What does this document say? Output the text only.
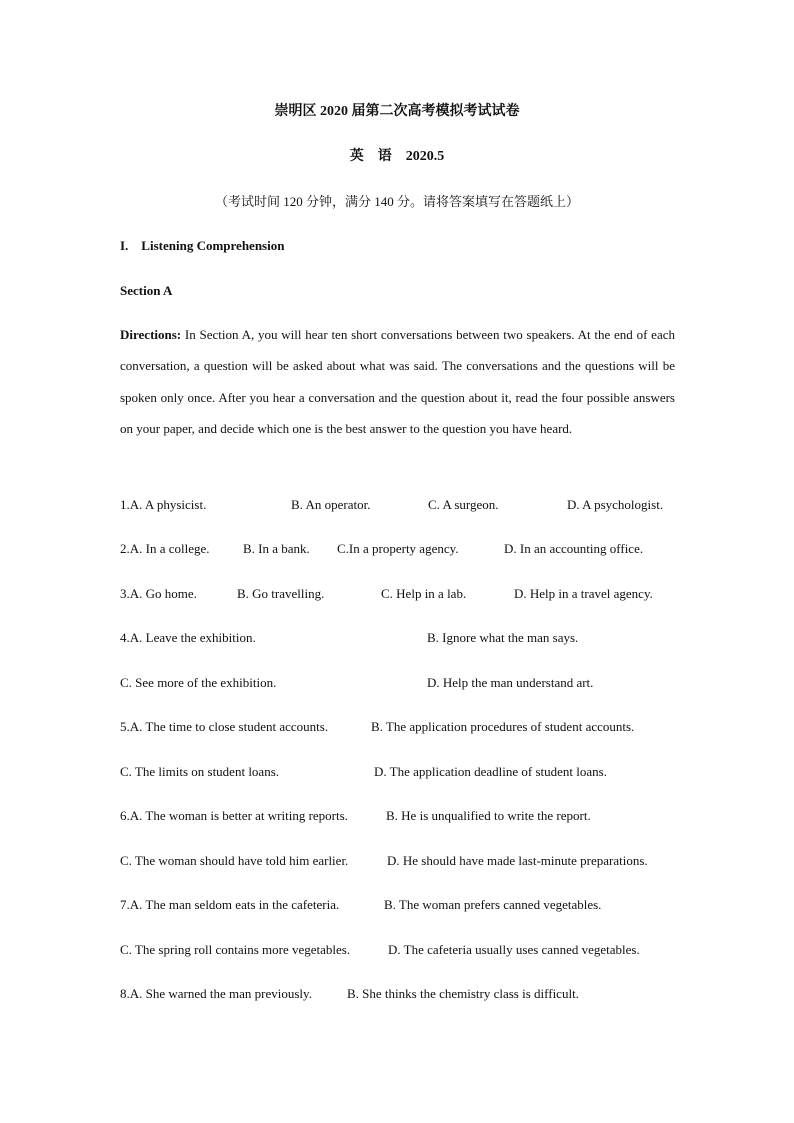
崇明区 2020 届第二次高考模拟考试试卷
英　语　2020.5
（考试时间 120 分钟，满分 140 分。请将答案填写在答题纸上）
I.　Listening Comprehension
Section A
Directions: In Section A, you will hear ten short conversations between two speakers. At the end of each conversation, a question will be asked about what was said. The conversations and the questions will be spoken only once. After you hear a conversation and the question about it, read the four possible answers on your paper, and decide which one is the best answer to the question you have heard.
1.A. A physicist.	B. An operator.	C. A surgeon.	D. A psychologist.
2.A. In a college.	B. In a bank. C.In a property agency.	D. In an accounting office.
3.A. Go home.	B. Go travelling.	C. Help in a lab.	D. Help in a travel agency.
4.A. Leave the exhibition.	B. Ignore what the man says.
C. See more of the exhibition.	D. Help the man understand art.
5.A. The time to close student accounts.	B. The application procedures of student accounts.
C. The limits on student loans.	D. The application deadline of student loans.
6.A. The woman is better at writing reports.	B. He is unqualified to write the report.
C. The woman should have told him earlier.	D. He should have made last-minute preparations.
7.A. The man seldom eats in the cafeteria.	B. The woman prefers canned vegetables.
C. The spring roll contains more vegetables.	D. The cafeteria usually uses canned vegetables.
8.A. She warned the man previously.	B. She thinks the chemistry class is difficult.
